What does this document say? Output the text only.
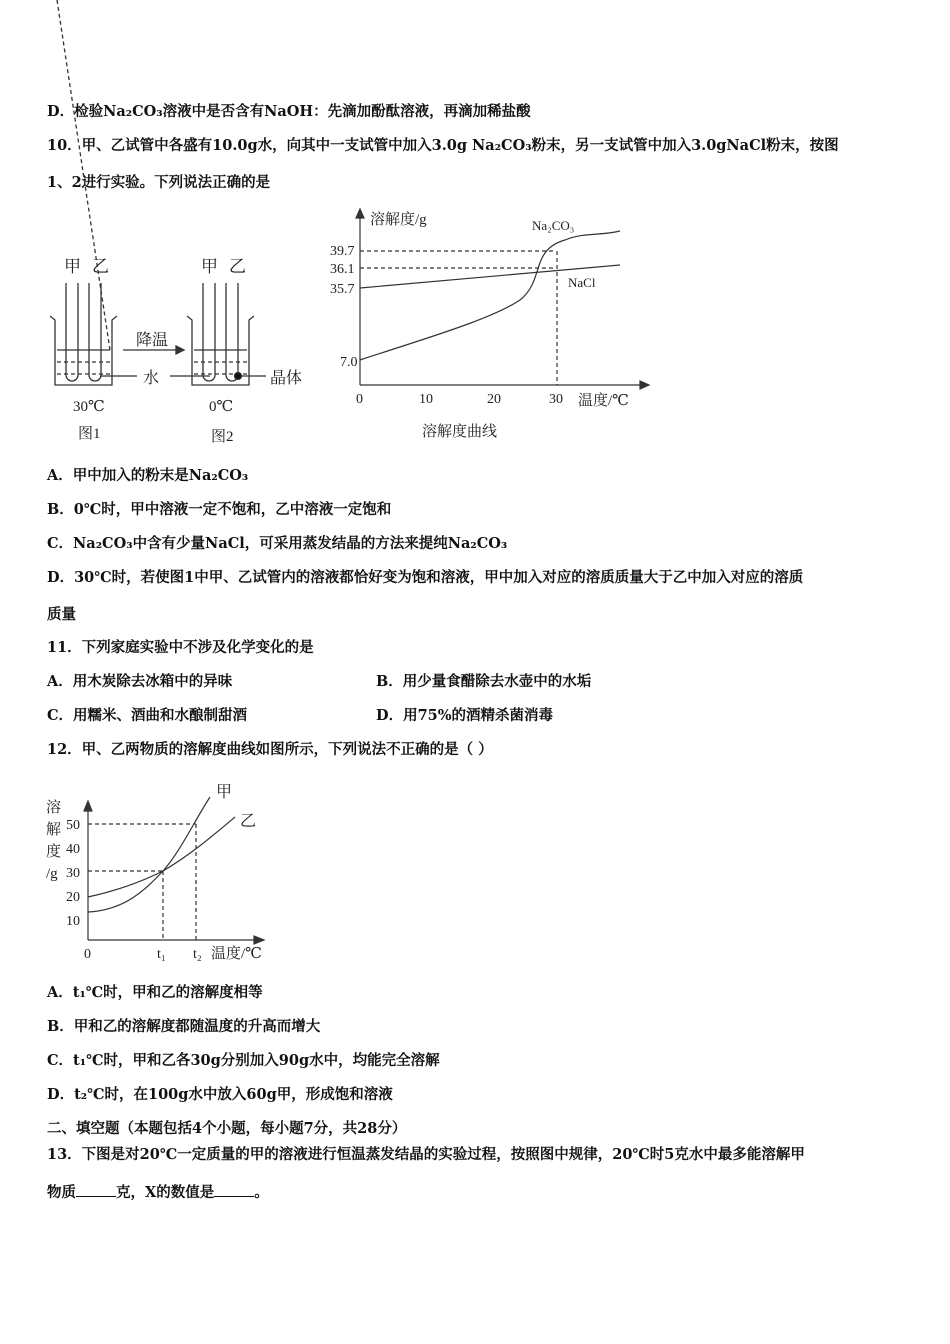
D．检验Na₂CO₃溶液中是否含有NaOH：先滴加酚酞溶液，再滴加稀盐酸
10．甲、乙试管中各盛有10.0g水，向其中一支试管中加入3.0g Na₂CO₃粉末，另一支试管中加入3.0gNaCl粉末，按图
1、2进行实验。下列说法正确的是
甲 乙	甲 乙
降温
水	晶体
30℃	0℃
图1	图2
溶解度/g
39.7
36.1
35.7
7.0
0	10	20	30 温度/℃
溶解度曲线
Na₂CO₃
NaCl
溶
解
度
/g
50
40
30
20
10
0	t₁ t₂ 温度/℃
甲
乙
A．甲中加入的粉末是Na₂CO₃
B．0℃时，甲中溶液一定不饱和，乙中溶液一定饱和
C．Na₂CO₃中含有少量NaCl，可采用蒸发结晶的方法来提纯Na₂CO₃
D．30℃时，若使图1中甲、乙试管内的溶液都恰好变为饱和溶液，甲中加入对应的溶质质量大于乙中加入对应的溶质
质量
11．下列家庭实验中不涉及化学变化的是
A．用木炭除去冰箱中的异味	B．用少量食醋除去水壶中的水垢
C．用糯米、酒曲和水酿制甜酒	D．用75%的酒精杀菌消毒
12．甲、乙两物质的溶解度曲线如图所示，下列说法不正确的是（ ）
A．t₁℃时，甲和乙的溶解度相等
B．甲和乙的溶解度都随温度的升高而增大
C．t₁℃时，甲和乙各30g分别加入90g水中，均能完全溶解
D．t₂℃时，在100g水中放入60g甲，形成饱和溶液
二、填空题（本题包括4个小题，每小题7分，共28分）
13．下图是对20℃一定质量的甲的溶液进行恒温蒸发结晶的实验过程，按照图中规律，20℃时5克水中最多能溶解甲
物质	克，X的数值是	。
